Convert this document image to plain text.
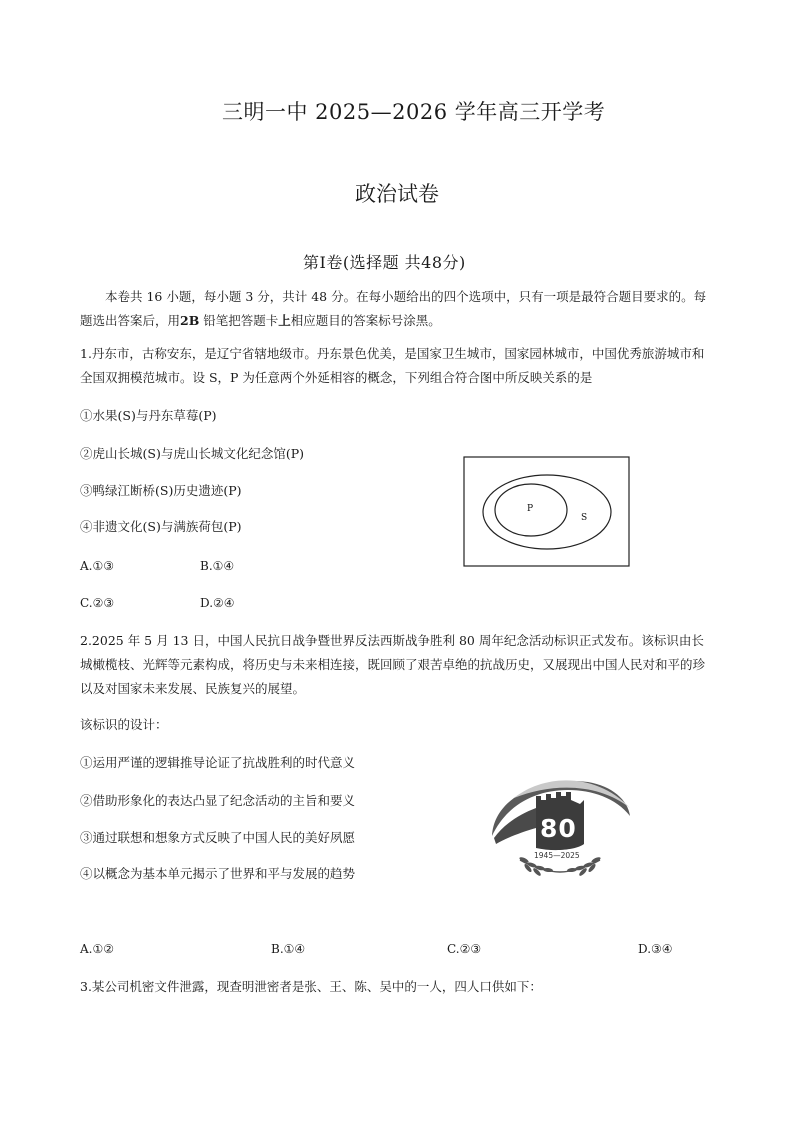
三明一中 2025—2026 学年高三开学考
政治试卷
第Ⅰ卷(选择题 共48分)
本卷共 16 小题，每小题 3 分，共计 48 分。在每小题给出的四个选项中，只有一项是最符合题目要求的。每题选出答案后，用2B 铅笔把答题卡上相应题目的答案标号涂黑。
1.丹东市，古称安东，是辽宁省辖地级市。丹东景色优美，是国家卫生城市，国家园林城市，中国优秀旅游城市和全国双拥模范城市。设 S，P 为任意两个外延相容的概念，下列组合符合图中所反映关系的是
①水果(S)与丹东草莓(P)
②虎山长城(S)与虎山长城文化纪念馆(P)
③鸭绿江断桥(S)历史遗迹(P)
④非遗文化(S)与满族荷包(P)
A.①③	B.①④
C.②③	D.②④
P
S
2.2025 年 5 月 13 日，中国人民抗日战争暨世界反法西斯战争胜利 80 周年纪念活动标识正式发布。该标识由长城橄榄枝、光辉等元素构成，将历史与未来相连接，既回顾了艰苦卓绝的抗战历史，又展现出中国人民对和平的珍以及对国家未来发展、民族复兴的展望。
该标识的设计：
①运用严谨的逻辑推导论证了抗战胜利的时代意义
②借助形象化的表达凸显了纪念活动的主旨和要义
③通过联想和想象方式反映了中国人民的美好夙愿
④以概念为基本单元揭示了世界和平与发展的趋势
80
1945—2025
A.①②	B.①④	C.②③	D.③④
3.某公司机密文件泄露，现查明泄密者是张、王、陈、吴中的一人，四人口供如下：
